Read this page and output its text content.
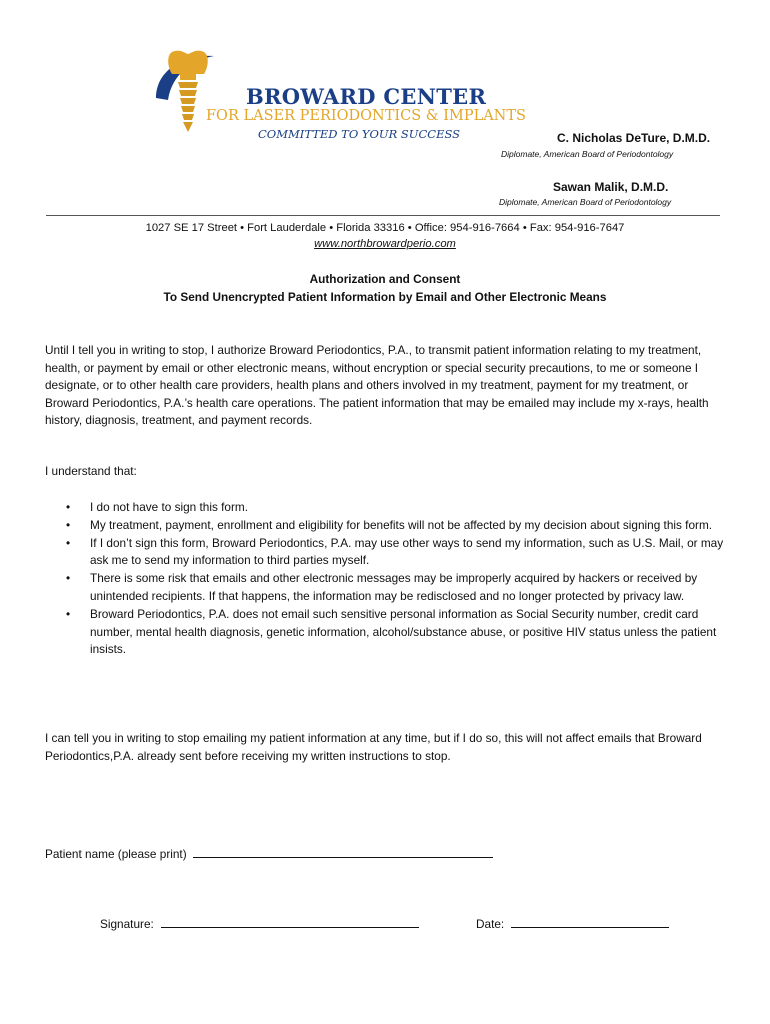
BROWARD CENTER
FOR LASER PERIODONTICS & IMPLANTS
COMMITTED TO YOUR SUCCESS	C. Nicholas DeTure, D.M.D.
Diplomate, American Board of Periodontology
Sawan Malik, D.M.D.
Diplomate, American Board of Periodontology
1027 SE 17 Street • Fort Lauderdale • Florida 33316 • Office: 954-916-7664 • Fax: 954-916-7647
www.northbrowardperio.com
Authorization and Consent
To Send Unencrypted Patient Information by Email and Other Electronic Means
Until I tell you in writing to stop, I authorize Broward Periodontics, P.A., to transmit patient information relating to my treatment, health, or payment by email or other electronic means, without encryption or special security precautions, to me or someone I designate, or to other health care providers, health plans and others involved in my treatment, payment for my treatment, or Broward Periodontics, P.A.’s health care operations. The patient information that may be emailed may include my x-rays, health history, diagnosis, treatment, and payment records.
I understand that:
• I do not have to sign this form.
• My treatment, payment, enrollment and eligibility for benefits will not be affected by my decision about signing this form.
• If I don’t sign this form, Broward Periodontics, P.A. may use other ways to send my information, such as U.S. Mail, or may ask me to send my information to third parties myself.
• There is some risk that emails and other electronic messages may be improperly acquired by hackers or received by unintended recipients. If that happens, the information may be redisclosed and no longer protected by privacy law.
• Broward Periodontics, P.A. does not email such sensitive personal information as Social Security number, credit card number, mental health diagnosis, genetic information, alcohol/substance abuse, or positive HIV status unless the patient insists.
I can tell you in writing to stop emailing my patient information at any time, but if I do so, this will not affect emails that Broward Periodontics,P.A. already sent before receiving my written instructions to stop.
Patient name (please print)
Signature:	Date:
